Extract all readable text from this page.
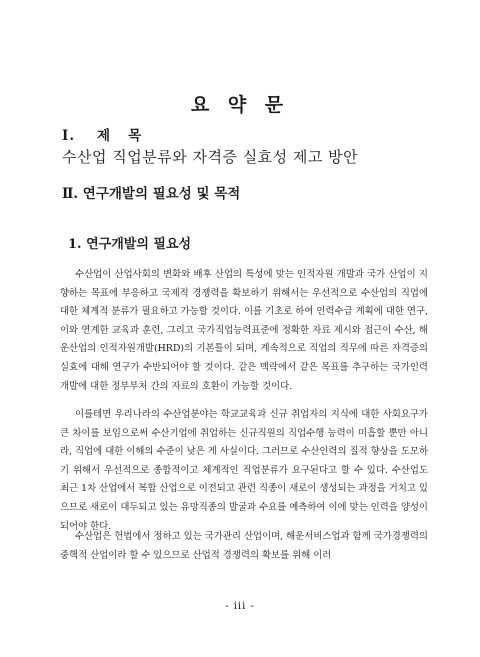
요 약 문
Ⅰ. 제   목
수산업 직업분류와 자격증 실효성 제고 방안
Ⅱ. 연구개발의 필요성 및 목적
1. 연구개발의 필요성

수산업이 산업사회의 변화와 배후 산업의 특성에 맞는 인적자원 개발과 국가 산업이 지향하는 목표에 부응하고 국제적 경쟁력을 확보하기 위해서는 우선적으로 수산업의 직업에 대한 체계적 분류가 필요하고 가능할 것이다. 이를 기초로 하여 인력수급 계획에 대한 연구, 이와 연계한 교육과 훈련, 그리고 국가직업능력표준에 정확한 자료 제시와 접근이 수산, 해운산업의 인적자원개발(HRD)의 기본틀이 되며, 계속적으로 직업의 직무에 따른 자격증의 실효에 대해 연구가 수반되어야 할 것이다. 같은 맥락에서 같은 목표를 추구하는 국가인력개발에 대한 정부부처 간의 자료의 호환이 가능할 것이다.

이를테면 우리나라의 수산업분야는 학교교육과 신규 취업자의 지식에 대한 사회요구가 큰 차이를 보임으로써 수산기업에 취업하는 신규직원의 직업수행 능력이 미흡할 뿐만 아니라, 직업에 대한 이해의 수준이 낮은 게 사실이다. 그러므로 수산인력의 질적 향상을 도모하기 위해서 우선적으로 종합적이고 체계적인 직업분류가 요구된다고 할 수 있다. 수산업도 최근 1차 산업에서 복합 산업으로 이전되고 관련 직종이 새로이 생성되는 과정을 거치고 있으므로 새로이 대두되고 있는 유망직종의 발굴과 수요를 예측하여 이에 맞는 인력을 양성이 되어야 한다.

수산업은 헌법에서 정하고 있는 국가관리 산업이며, 해운서비스업과 함께 국가경쟁력의 중핵적 산업이라 할 수 있으므로 산업적 경쟁력의 확보를 위해 이러

- iii -
